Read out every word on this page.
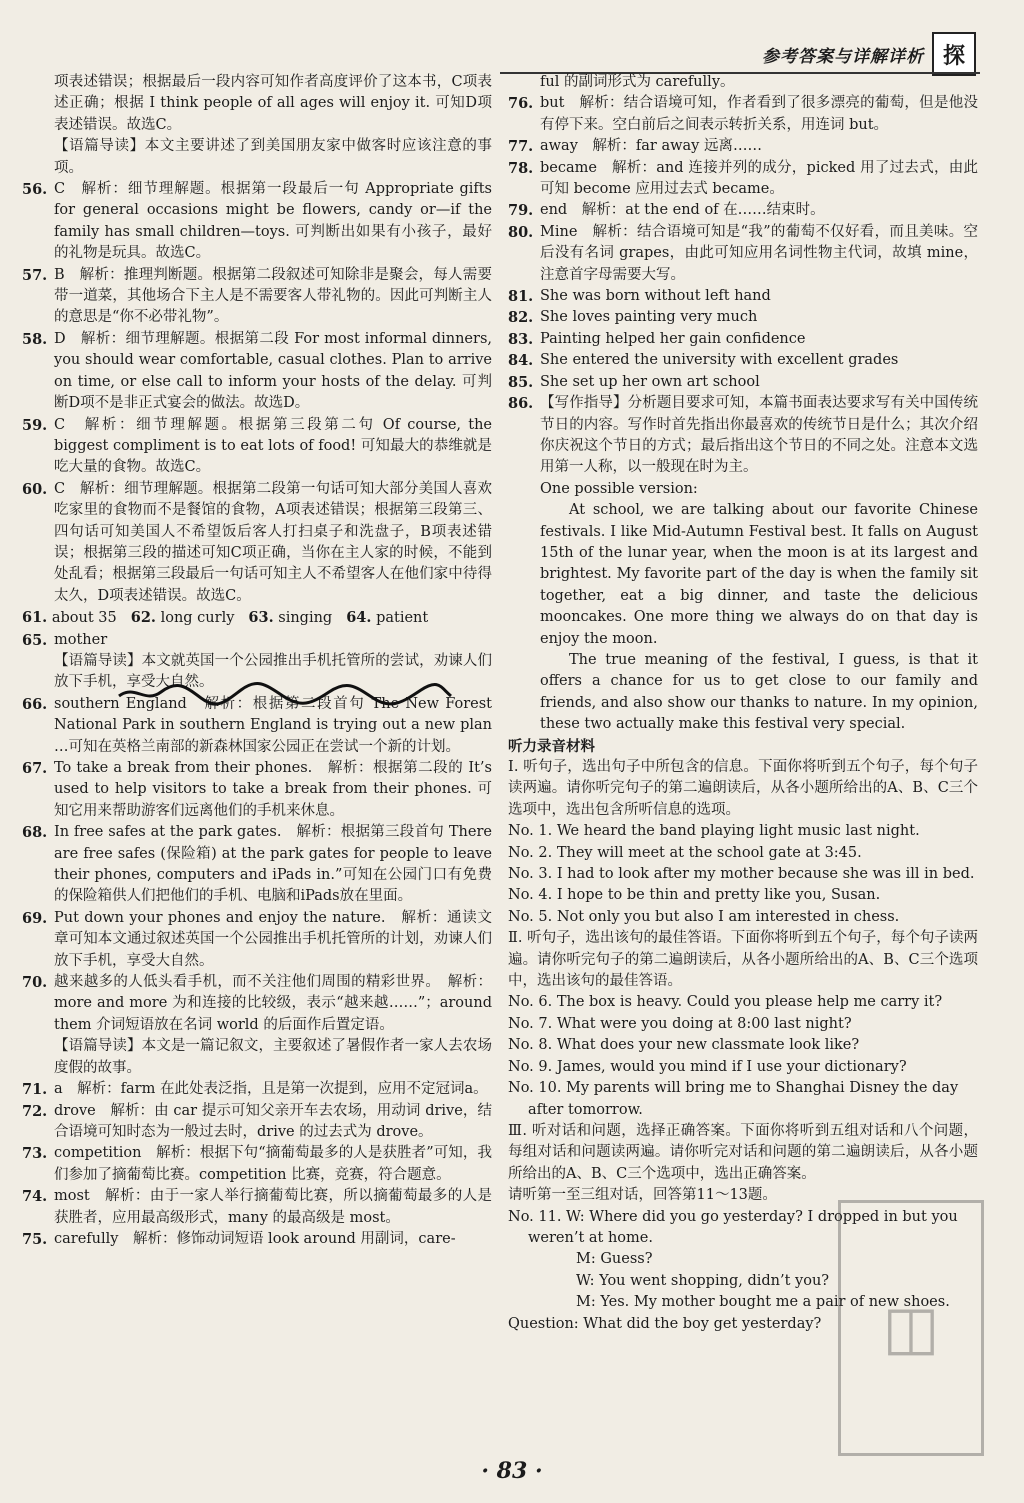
参考答案与详解详析 探
项表述错误；根据最后一段内容可知作者高度评价了这本书，C项表述正确；根据 I think people of all ages will enjoy it. 可知D项表述错误。故选C。
【语篇导读】本文主要讲述了到美国朋友家中做客时应该注意的事项。
56. C　解析：细节理解题。根据第一段最后一句 Appropriate gifts for general occasions might be flowers, candy or—if the family has small children—toys. 可判断出如果有小孩子，最好的礼物是玩具。故选C。
57. B　解析：推理判断题。根据第二段叙述可知除非是聚会，每人需要带一道菜，其他场合下主人是不需要客人带礼物的。因此可判断主人的意思是“你不必带礼物”。
58. D　解析：细节理解题。根据第二段 For most informal dinners, you should wear comfortable, casual clothes. Plan to arrive on time, or else call to inform your hosts of the delay. 可判断D项不是非正式宴会的做法。故选D。
59. C　解析：细节理解题。根据第三段第二句 Of course, the biggest compliment is to eat lots of food! 可知最大的恭维就是吃大量的食物。故选C。
60. C　解析：细节理解题。根据第二段第一句话可知大部分美国人喜欢吃家里的食物而不是餐馆的食物，A项表述错误；根据第三段第三、四句话可知美国人不希望饭后客人打扫桌子和洗盘子，B项表述错误；根据第三段的描述可知C项正确，当你在主人家的时候，不能到处乱看；根据第三段最后一句话可知主人不希望客人在他们家中待得太久，D项表述错误。故选C。
61. about 35 62. long curly 63. singing 64. patient
65. mother
【语篇导读】本文就英国一个公园推出手机托管所的尝试，劝谏人们放下手机，享受大自然。
66. southern England　解析：根据第二段首句 The New Forest National Park in southern England is trying out a new plan …可知在英格兰南部的新森林国家公园正在尝试一个新的计划。
67. To take a break from their phones.　解析：根据第二段的 It’s used to help visitors to take a break from their phones. 可知它用来帮助游客们远离他们的手机来休息。
68. In free safes at the park gates.　解析：根据第三段首句 There are free safes (保险箱) at the park gates for people to leave their phones, computers and iPads in.”可知在公园门口有免费的保险箱供人们把他们的手机、电脑和iPads放在里面。
69. Put down your phones and enjoy the nature.　解析：通读文章可知本文通过叙述英国一个公园推出手机托管所的计划，劝谏人们放下手机，享受大自然。
70. 越来越多的人低头看手机，而不关注他们周围的精彩世界。　解析：more and more 为和连接的比较级，表示“越来越……”；around them 介词短语放在名词 world 的后面作后置定语。
【语篇导读】本文是一篇记叙文，主要叙述了暑假作者一家人去农场度假的故事。
71. a　解析：farm 在此处表泛指，且是第一次提到，应用不定冠词a。
72. drove　解析：由 car 提示可知父亲开车去农场，用动词 drive，结合语境可知时态为一般过去时，drive 的过去式为 drove。
73. competition　解析：根据下句“摘葡萄最多的人是获胜者”可知，我们参加了摘葡萄比赛。competition 比赛，竞赛，符合题意。
74. most　解析：由于一家人举行摘葡萄比赛，所以摘葡萄最多的人是获胜者，应用最高级形式，many 的最高级是 most。
75. carefully　解析：修饰动词短语 look around 用副词，care-
ful 的副词形式为 carefully。
76. but　解析：结合语境可知，作者看到了很多漂亮的葡萄，但是他没有停下来。空白前后之间表示转折关系，用连词 but。
77. away　解析：far away 远离……
78. became　解析：and 连接并列的成分，picked 用了过去式，由此可知 become 应用过去式 became。
79. end　解析：at the end of 在……结束时。
80. Mine　解析：结合语境可知是“我”的葡萄不仅好看，而且美味。空后没有名词 grapes，由此可知应用名词性物主代词，故填 mine，注意首字母需要大写。
81. She was born without left hand
82. She loves painting very much
83. Painting helped her gain confidence
84. She entered the university with excellent grades
85. She set up her own art school
86. 【写作指导】分析题目要求可知，本篇书面表达要求写有关中国传统节日的内容。写作时首先指出你最喜欢的传统节日是什么；其次介绍你庆祝这个节日的方式；最后指出这个节日的不同之处。注意本文选用第一人称，以一般现在时为主。
One possible version:
At school, we are talking about our favorite Chinese festivals. I like Mid-Autumn Festival best. It falls on August 15th of the lunar year, when the moon is at its largest and brightest. My favorite part of the day is when the family sit together, eat a big dinner, and taste the delicious mooncakes. One more thing we always do on that day is enjoy the moon.
The true meaning of the festival, I guess, is that it offers a chance for us to get close to our family and friends, and also show our thanks to nature. In my opinion, these two actually make this festival very special.
听力录音材料
Ⅰ. 听句子，选出句子中所包含的信息。下面你将听到五个句子，每个句子读两遍。请你听完句子的第二遍朗读后，从各小题所给出的A、B、C三个选项中，选出包含所听信息的选项。
No. 1. We heard the band playing light music last night.
No. 2. They will meet at the school gate at 3:45.
No. 3. I had to look after my mother because she was ill in bed.
No. 4. I hope to be thin and pretty like you, Susan.
No. 5. Not only you but also I am interested in chess.
Ⅱ. 听句子，选出该句的最佳答语。下面你将听到五个句子，每个句子读两遍。请你听完句子的第二遍朗读后，从各小题所给出的A、B、C三个选项中，选出该句的最佳答语。
No. 6. The box is heavy. Could you please help me carry it?
No. 7. What were you doing at 8:00 last night?
No. 8. What does your new classmate look like?
No. 9. James, would you mind if I use your dictionary?
No. 10. My parents will bring me to Shanghai Disney the day after tomorrow.
Ⅲ. 听对话和问题，选择正确答案。下面你将听到五组对话和八个问题，每组对话和问题读两遍。请你听完对话和问题的第二遍朗读后，从各小题所给出的A、B、C三个选项中，选出正确答案。
请听第一至三组对话，回答第11～13题。
No. 11. W: Where did you go yesterday? I dropped in but you weren’t at home.
M: Guess?
W: You went shopping, didn’t you?
M: Yes. My mother bought me a pair of new shoes.
Question: What did the boy get yesterday?	◫
· 83 ·
